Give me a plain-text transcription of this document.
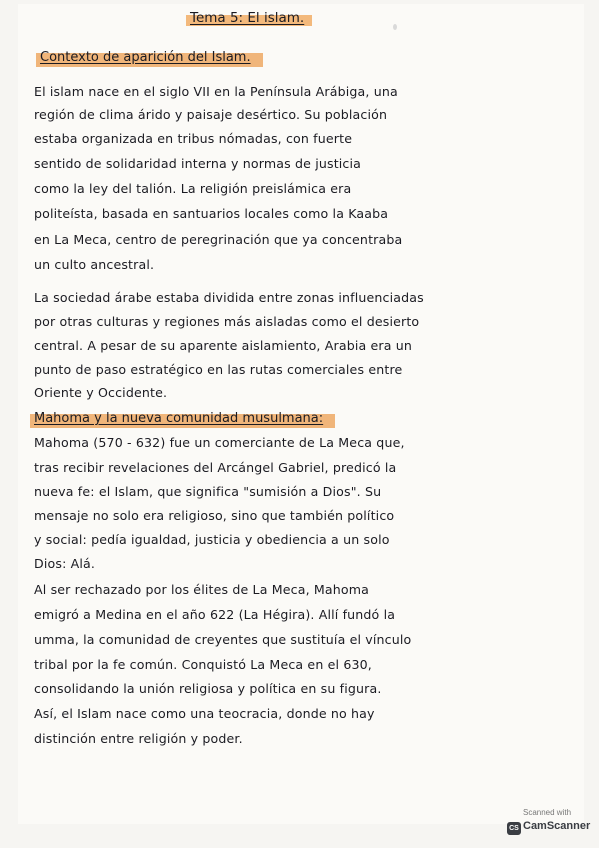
Tema 5: El islam.
Contexto de aparición del Islam.
El islam nace en el siglo VII en la Península Arábiga, una
región de clima árido y paisaje desértico. Su población
estaba organizada en tribus nómadas, con fuerte
sentido de solidaridad interna y normas de justicia
como la ley del talión. La religión preislámica era
politeísta, basada en santuarios locales como la Kaaba
en La Meca, centro de peregrinación que ya concentraba
un culto ancestral.
La sociedad árabe estaba dividida entre zonas influenciadas
por otras culturas y regiones más aisladas como el desierto
central. A pesar de su aparente aislamiento, Arabia era un
punto de paso estratégico en las rutas comerciales entre
Oriente y Occidente.
Mahoma y la nueva comunidad musulmana:
Mahoma (570 - 632) fue un comerciante de La Meca que,
tras recibir revelaciones del Arcángel Gabriel, predicó la
nueva fe: el Islam, que significa "sumisión a Dios". Su
mensaje no solo era religioso, sino que también político
y social: pedía igualdad, justicia y obediencia a un solo
Dios: Alá.
Al ser rechazado por los élites de La Meca, Mahoma
emigró a Medina en el año 622 (La Hégira). Allí fundó la
umma, la comunidad de creyentes que sustituía el vínculo
tribal por la fe común. Conquistó La Meca en el 630,
consolidando la unión religiosa y política en su figura.
Así, el Islam nace como una teocracia, donde no hay
distinción entre religión y poder.
Scanned with
CS CamScanner
